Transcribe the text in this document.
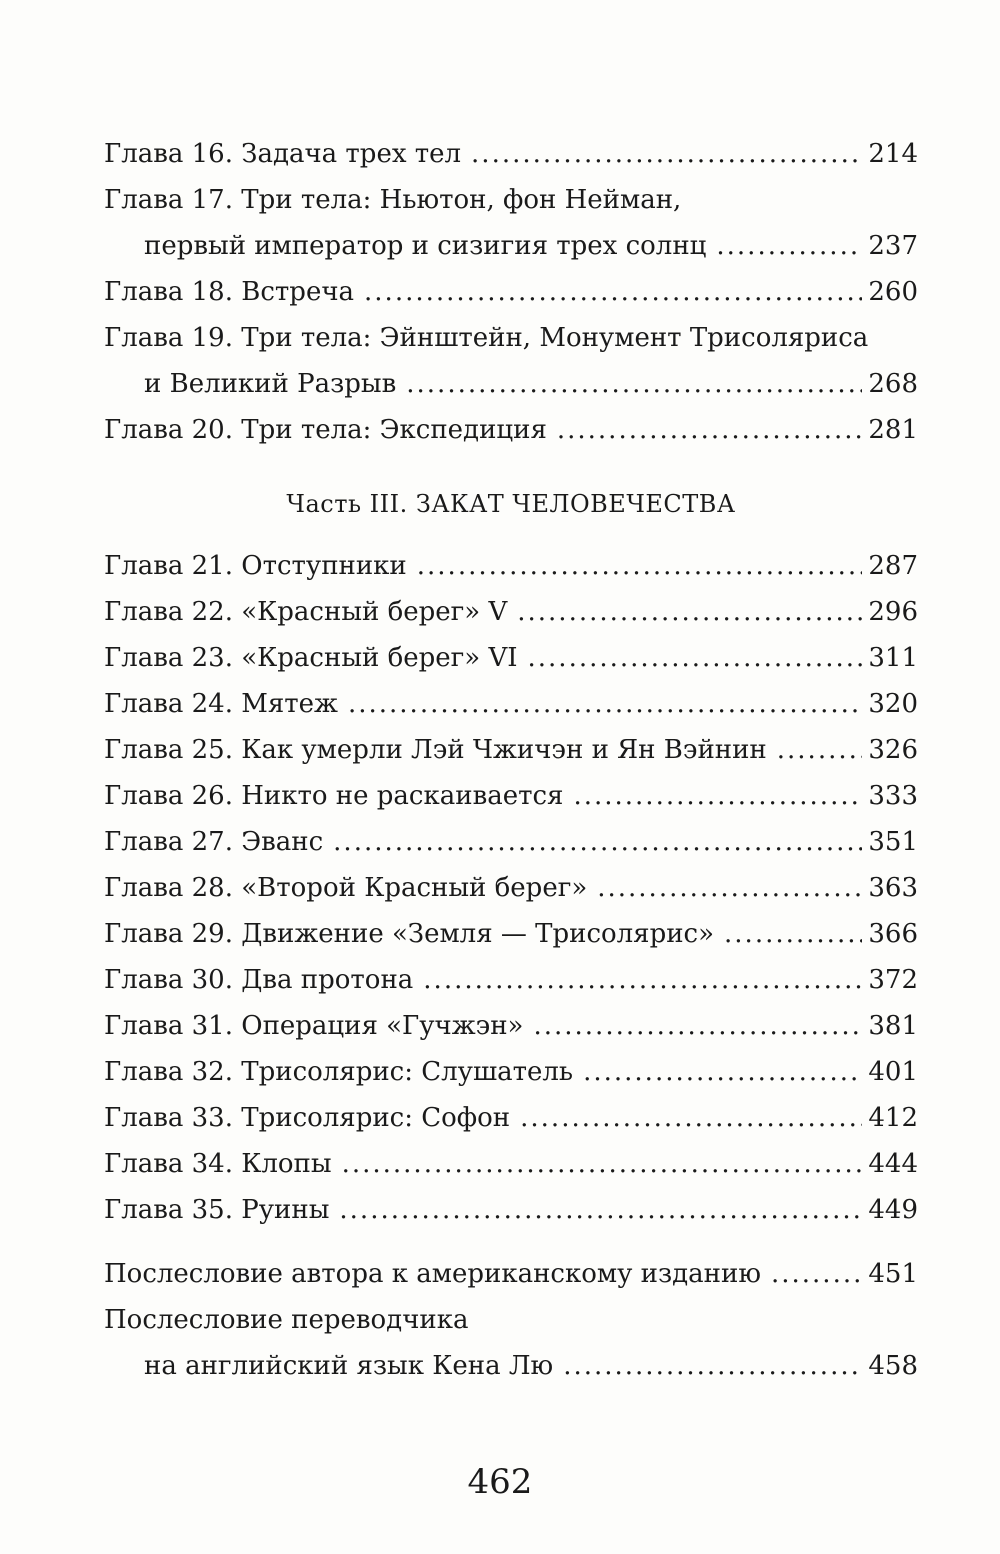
Глава 16. Задача трех тел .....	214
Глава 17. Три тела: Ньютон, фон Нейман,
первый император и сизигия трех солнц .....	237
Глава 18. Встреча .....	260
Глава 19. Три тела: Эйнштейн, Монумент Трисоляриса
и Великий Разрыв .....	268
Глава 20. Три тела: Экспедиция .....	281
Часть III. ЗАКАТ ЧЕЛОВЕЧЕСТВА
Глава 21. Отступники .....	287
Глава 22. «Красный берег» V .....	296
Глава 23. «Красный берег» VI .....	311
Глава 24. Мятеж .....	320
Глава 25. Как умерли Лэй Чжичэн и Ян Вэйнин .....	326
Глава 26. Никто не раскаивается .....	333
Глава 27. Эванс .....	351
Глава 28. «Второй Красный берег» .....	363
Глава 29. Движение «Земля — Трисолярис» .....	366
Глава 30. Два протона .....	372
Глава 31. Операция «Гучжэн» .....	381
Глава 32. Трисолярис: Слушатель .....	401
Глава 33. Трисолярис: Софон .....	412
Глава 34. Клопы .....	444
Глава 35. Руины .....	449
Послесловие автора к американскому изданию .....	451
Послесловие переводчика
на английский язык Кена Лю .....	458
462
